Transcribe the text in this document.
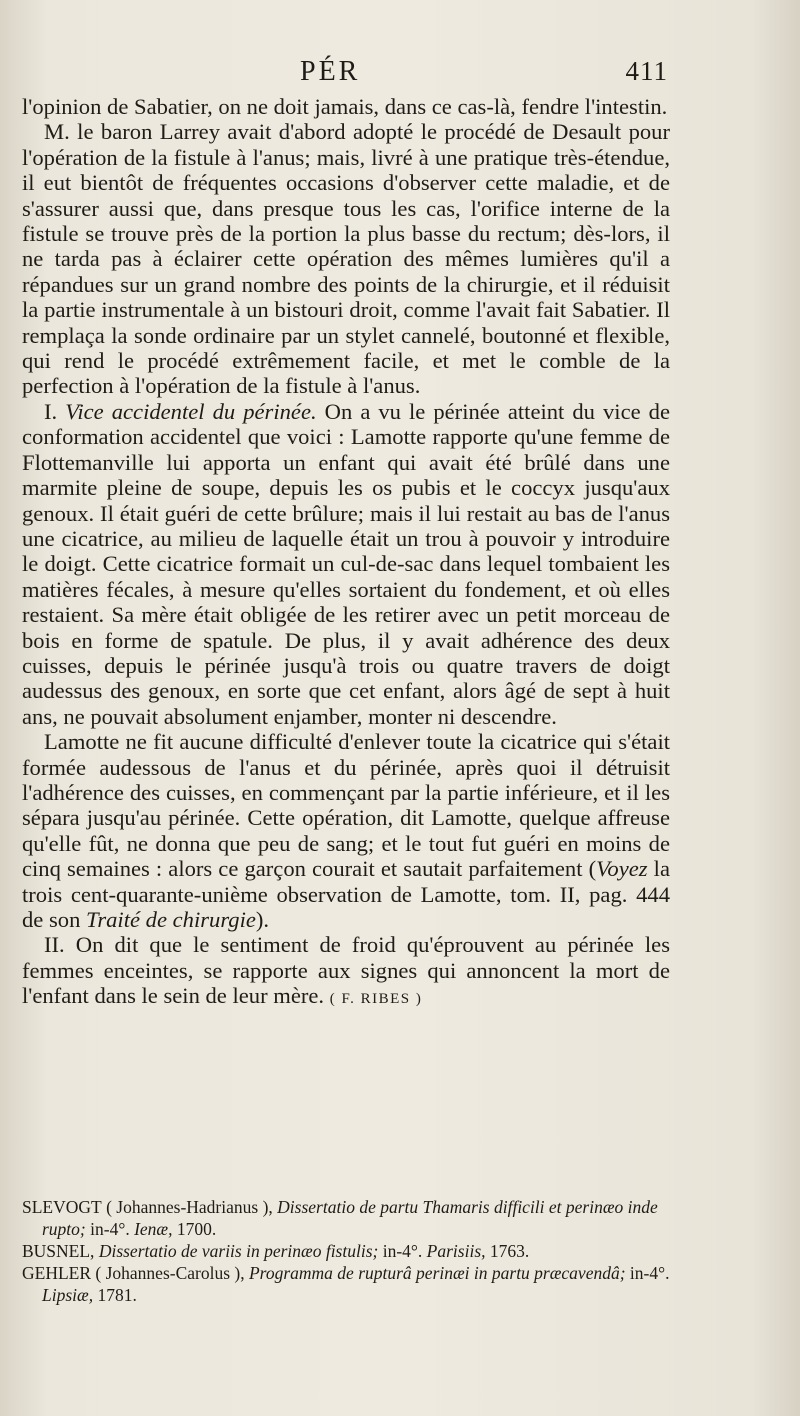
PÉR	411

l'opinion de Sabatier, on ne doit jamais, dans ce cas-là, fendre l'intestin.

M. le baron Larrey avait d'abord adopté le procédé de Desault pour l'opération de la fistule à l'anus; mais, livré à une pratique très-étendue, il eut bientôt de fréquentes occasions d'observer cette maladie, et de s'assurer aussi que, dans presque tous les cas, l'orifice interne de la fistule se trouve près de la portion la plus basse du rectum; dès-lors, il ne tarda pas à éclairer cette opération des mêmes lumières qu'il a répandues sur un grand nombre des points de la chirurgie, et il réduisit la partie instrumentale à un bistouri droit, comme l'avait fait Sabatier. Il remplaça la sonde ordinaire par un stylet cannelé, boutonné et flexible, qui rend le procédé extrêmement facile, et met le comble de la perfection à l'opération de la fistule à l'anus.

I. Vice accidentel du périnée. On a vu le périnée atteint du vice de conformation accidentel que voici : Lamotte rapporte qu'une femme de Flottemanville lui apporta un enfant qui avait été brûlé dans une marmite pleine de soupe, depuis les os pubis et le coccyx jusqu'aux genoux. Il était guéri de cette brûlure; mais il lui restait au bas de l'anus une cicatrice, au milieu de laquelle était un trou à pouvoir y introduire le doigt. Cette cicatrice formait un cul-de-sac dans lequel tombaient les matières fécales, à mesure qu'elles sortaient du fondement, et où elles restaient. Sa mère était obligée de les retirer avec un petit morceau de bois en forme de spatule. De plus, il y avait adhérence des deux cuisses, depuis le périnée jusqu'à trois ou quatre travers de doigt audessus des genoux, en sorte que cet enfant, alors âgé de sept à huit ans, ne pouvait absolument enjamber, monter ni descendre.

Lamotte ne fit aucune difficulté d'enlever toute la cicatrice qui s'était formée audessous de l'anus et du périnée, après quoi il détruisit l'adhérence des cuisses, en commençant par la partie inférieure, et il les sépara jusqu'au périnée. Cette opération, dit Lamotte, quelque affreuse qu'elle fût, ne donna que peu de sang; et le tout fut guéri en moins de cinq semaines : alors ce garçon courait et sautait parfaitement (Voyez la trois cent-quarante-unième observation de Lamotte, tom. II, pag. 444 de son Traité de chirurgie).

II. On dit que le sentiment de froid qu'éprouvent au périnée les femmes enceintes, se rapporte aux signes qui annoncent la mort de l'enfant dans le sein de leur mère. ( F. RIBES )

SLEVOGT ( Johannes-Hadrianus ), Dissertatio de partu Thamaris difficili et perinæo inde rupto; in-4°. Ienæ, 1700.

BUSNEL, Dissertatio de variis in perinæo fistulis; in-4°. Parisiis, 1763.

GEHLER ( Johannes-Carolus ), Programma de rupturâ perinæi in partu præcavendâ; in-4°. Lipsiæ, 1781.
